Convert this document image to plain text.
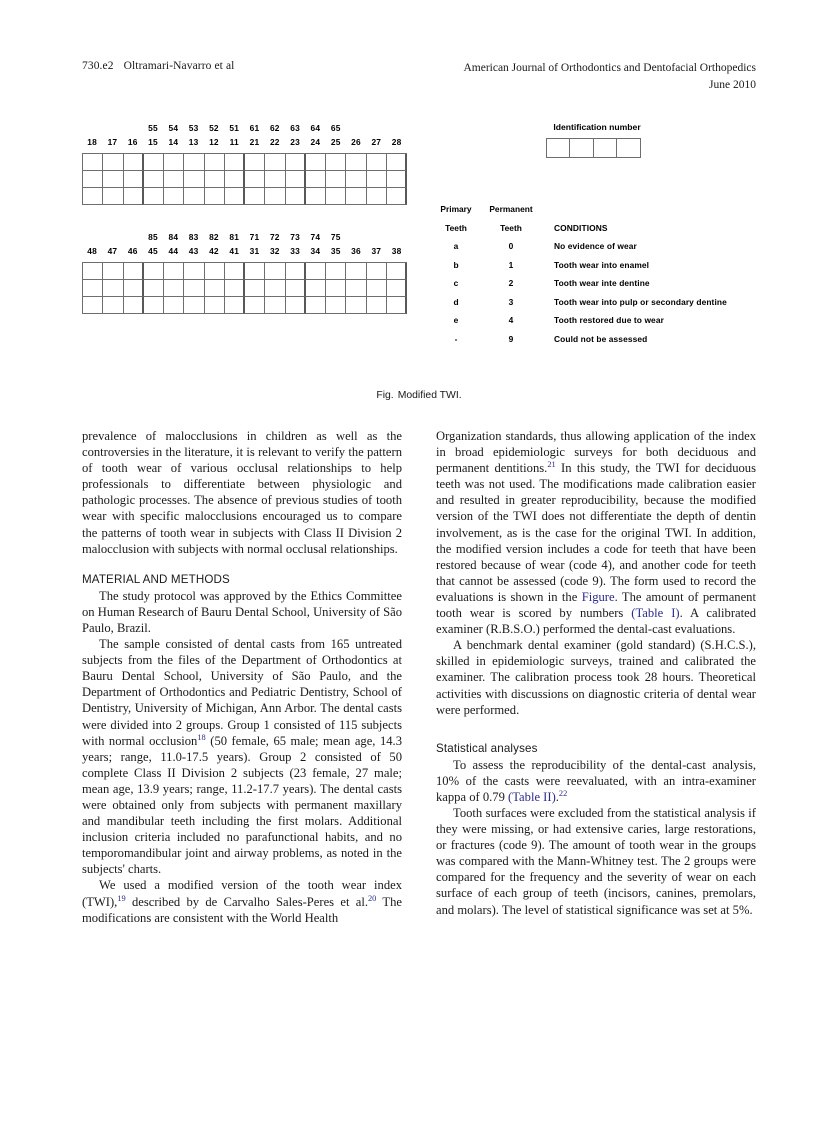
730.e2 Oltramari-Navarro et al	American Journal of Orthodontics and Dentofacial Orthopedics
June 2010
55	54	53	52	51	61	62	63	64	65
18	17	16	15	14	13	12	11	21	22	23	24	25	26	27	28
85	84	83	82	81	71	72	73	74	75
48	47	46	45	44	43	42	41	31	32	33	34	35	36	37	38
Identification number
Primary	Permanent
Teeth	Teeth	CONDITIONS
a	0	No evidence of wear
b	1	Tooth wear into enamel
c	2	Tooth wear inte dentine
d	3	Tooth wear into pulp or secondary dentine
e	4	Tooth restored due to wear
-	9	Could not be assessed
Fig. Modified TWI.

prevalence of malocclusions in children as well as the controversies in the literature, it is relevant to verify the pattern of tooth wear of various occlusal relationships to help professionals to differentiate between physiologic and pathologic processes. The absence of previous studies of tooth wear with specific malocclusions encouraged us to compare the patterns of tooth wear in subjects with Class II Division 2 malocclusion with subjects with normal occlusal relationships.

MATERIAL AND METHODS

The study protocol was approved by the Ethics Committee on Human Research of Bauru Dental School, University of São Paulo, Brazil.

The sample consisted of dental casts from 165 untreated subjects from the files of the Department of Orthodontics at Bauru Dental School, University of São Paulo, and the Department of Orthodontics and Pediatric Dentistry, School of Dentistry, University of Michigan, Ann Arbor. The dental casts were divided into 2 groups. Group 1 consisted of 115 subjects with normal occlusion$^{18}$ (50 female, 65 male; mean age, 14.3 years; range, 11.0-17.5 years). Group 2 consisted of 50 complete Class II Division 2 subjects (23 female, 27 male; mean age, 13.9 years; range, 11.2-17.7 years). The dental casts were obtained only from subjects with permanent maxillary and mandibular teeth including the first molars. Additional inclusion criteria included no parafunctional habits, and no temporomandibular joint and airway problems, as noted in the subjects' charts.

We used a modified version of the tooth wear index (TWI),$^{19}$ described by de Carvalho Sales-Peres et al.$^{20}$ The modifications are consistent with the World Health

Organization standards, thus allowing application of the index in broad epidemiologic surveys for both deciduous and permanent dentitions.$^{21}$ In this study, the TWI for deciduous teeth was not used. The modifications made calibration easier and resulted in greater reproducibility, because the modified version of the TWI does not differentiate the depth of dentin involvement, as is the case for the original TWI. In addition, the modified version includes a code for teeth that have been restored because of wear (code 4), and another code for teeth that cannot be assessed (code 9). The form used to record the evaluations is shown in the Figure. The amount of permanent tooth wear is scored by numbers (Table I). A calibrated examiner (R.B.S.O.) performed the dental-cast evaluations.

A benchmark dental examiner (gold standard) (S.H.C.S.), skilled in epidemiologic surveys, trained and calibrated the examiner. The calibration process took 28 hours. Theoretical activities with discussions on diagnostic criteria of dental wear were performed.

Statistical analyses

To assess the reproducibility of the dental-cast analysis, 10% of the casts were reevaluated, with an intra-examiner kappa of 0.79 (Table II).$^{22}$

Tooth surfaces were excluded from the statistical analysis if they were missing, or had extensive caries, large restorations, or fractures (code 9). The amount of tooth wear in the groups was compared with the Mann-Whitney test. The 2 groups were compared for the frequency and the severity of wear on each surface of each group of teeth (incisors, canines, premolars, and molars). The level of statistical significance was set at 5%.
